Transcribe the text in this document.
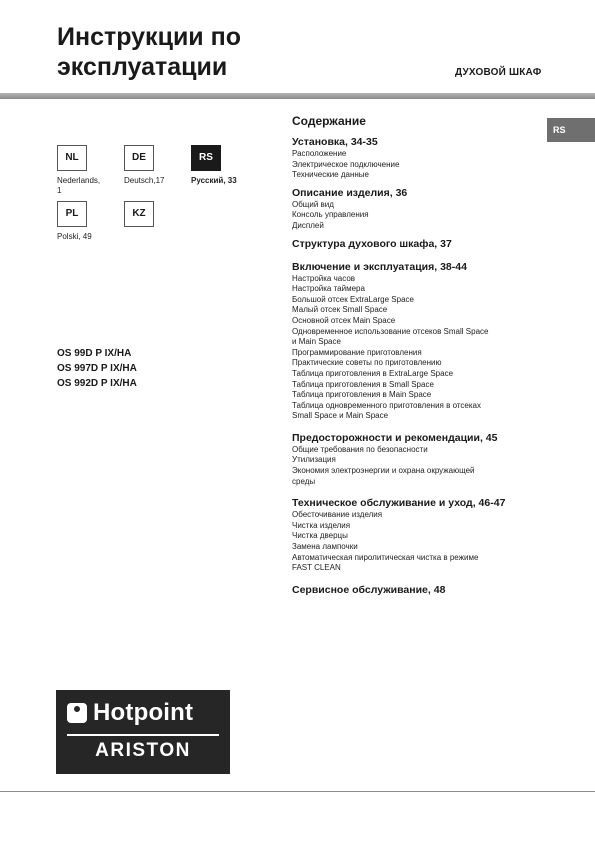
Инструкции по
эксплуатации	ДУХОВОЙ ШКАФ
RS
NL
Nederlands,
1
DE
Deutsch,17
RS
Русский, 33
PL
Polski, 49
KZ
OS 99D P IX/HA
OS 997D P IX/HA
OS 992D P IX/HA
Содержание
Установка, 34-35
Расположение
Электрическое подключение
Технические данные
Описание изделия, 36
Общий вид
Консоль управления
Дисплей
Структура духового шкафа, 37
Включение и эксплуатация, 38-44
Настройка часов
Настройка таймера
Большой отсек ExtraLarge Space
Малый отсек Small Space
Основной отсек Main Space
Одновременное использование отсеков Small Space
и Main Space
Программирование приготовления
Практические советы по приготовлению
Таблица приготовления в ExtraLarge Space
Таблица приготовления в Small Space
Таблица приготовления в Main Space
Таблица одновременного приготовления в отсеках
Small Space и Main Space
Предосторожности и рекомендации, 45
Общие требования по безопасности
Утилизация
Экономия электроэнергии и охрана окружающей
среды
Техническое обслуживание и уход, 46-47
Обесточивание изделия
Чистка изделия
Чистка дверцы
Замена лампочки
Автоматическая пиролитическая чистка в режиме
FAST CLEAN
Сервисное обслуживание, 48
Hotpoint
ARISTON
